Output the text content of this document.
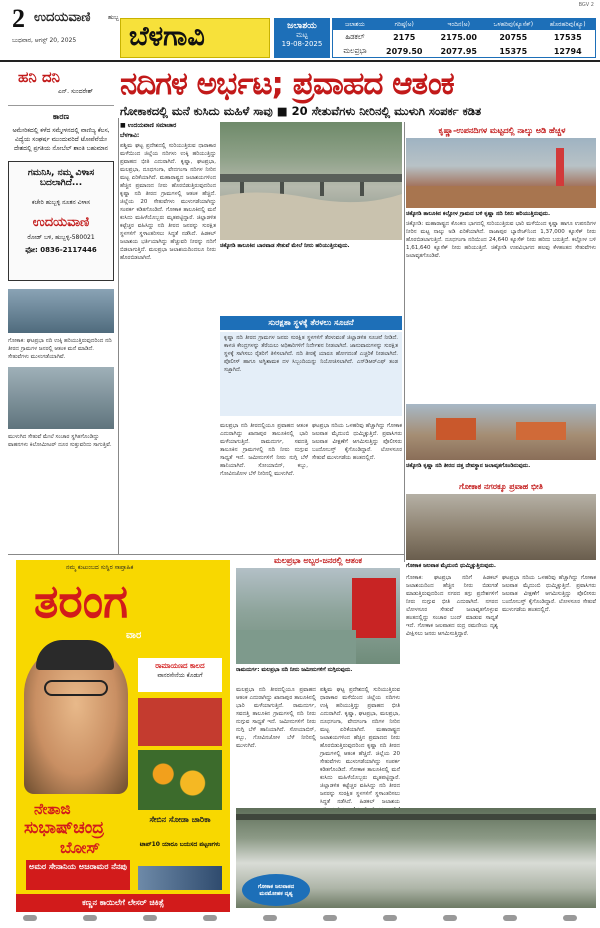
2 ಉದಯವಾಣಿ	ಹುಬ್ಬ
ಬುಧವಾರ, ಆಗಸ್ಟ್ 20, 2025 ಬೆಳಗಾವಿ	ಜಲಾಶಯ
ಮಟ್ಟ
19-08-2025
ಜಲಾಶಯ	ಗರಿಷ್ಠ(ಅ)	ಇಂದಿನ(ಅ)	ಒಳಹರಿವು(ಕ್ಯೂಸೆಕ್)	ಹೊರಹರಿವು(ಕ್ಯೂ)
ಹಿಡಕಲ್	2175	2175.00	20755	17535
ಮಲಪ್ರಭಾ	2079.50	2077.95	15375	12794
BGV 2
ಹನಿ ದನಿ
ಎನ್. ಸುಂದರೇಶ್
ಕಾರಣ
ಅಮೇರಿಕದಲ್ಲಿ ಕಳೆದ ಸಮ್ಮೇಳನದಲ್ಲಿ ವಾಣಿಜ್ಯ ಕೆಲಸ, ವಿದ್ಯೆಯ ಸಂಘರ್ಷ ಮುಂದುವರಿದೆ ಟೋಪೆವೆಯೇ ದೇಶದಲ್ಲಿ ಪ್ರಗತಿಯ ನೋಬೆಲ್ ಶಾಂತಿ ಬಹುಮಾನ
ಗಮನಿಸಿ, ನಮ್ಮ ವಿಳಾಸ ಬದಲಾಗಿದೆ...
ಕಚೇರಿ ಹುಬ್ಬಳ್ಳಿ ನೂತನ ವಿಳಾಸ
ಉದಯವಾಣಿ
ರೋಡ್ ಬಳಿ, ಹುಬ್ಬಳ್ಳಿ-580021
ಫೋ: 0836-2117446
ಗೋಕಾಕ: ಘಟಪ್ರಭಾ ನದಿ ಉಕ್ಕಿ ಹರಿಯುತ್ತಿರುವುದರಿಂದ ನದಿ ತೀರದ ಗ್ರಾಮಗಳ ಜನರಲ್ಲಿ ಆತಂಕ ಮನೆ ಮಾಡಿದೆ. ಸೇತುವೆಗಳು ಮುಳುಗಡೆಯಾಗಿವೆ.
ಮುಳುಗಿದ ಸೇತುವೆ ಮೇಲೆ ಸಂಚಾರ ಸ್ಥಗಿತಗೊಂಡಿದ್ದು ವಾಹನಗಳು ಕಿಲೋಮೀಟರ್ ದೂರ ಸುತ್ತುವರಿದು ಸಾಗುತ್ತಿವೆ.
ನದಿಗಳ ಅರ್ಭಟ; ಪ್ರವಾಹದ ಆತಂಕ
ಗೋಕಾಕದಲ್ಲಿ ಮನೆ ಕುಸಿದು ಮಹಿಳೆ ಸಾವು ■ 20 ಸೇತುವೆಗಳು ನೀರಿನಲ್ಲಿ ಮುಳುಗಿ ಸಂಪರ್ಕ ಕಡಿತ
■ ಉದಯವಾಣಿ ಸಮಾಚಾರ
ಬೆಳಗಾವಿ:
ಪಶ್ಚಿಮ ಘಟ್ಟ ಪ್ರದೇಶದಲ್ಲಿ ಸುರಿಯುತ್ತಿರುವ ಧಾರಾಕಾರ ಮಳೆಯಿಂದ ಜಿಲ್ಲೆಯ ನದಿಗಳು ಉಕ್ಕಿ ಹರಿಯುತ್ತಿದ್ದು ಪ್ರವಾಹದ ಭೀತಿ ಎದುರಾಗಿದೆ. ಕೃಷ್ಣಾ, ಘಟಪ್ರಭಾ, ಮಲಪ್ರಭಾ, ದೂಧಗಂಗಾ, ವೇದಗಂಗಾ ನದಿಗಳ ನೀರಿನ ಮಟ್ಟ ಏರಿಕೆಯಾಗಿದೆ. ಮಹಾರಾಷ್ಟ್ರದ ಜಲಾಶಯಗಳಿಂದ ಹೆಚ್ಚಿನ ಪ್ರಮಾಣದ ನೀರು ಹೊರಬಿಡುತ್ತಿರುವುದರಿಂದ ಕೃಷ್ಣಾ ನದಿ ತೀರದ ಗ್ರಾಮಗಳಲ್ಲಿ ಆತಂಕ ಹೆಚ್ಚಿದೆ. ಜಿಲ್ಲೆಯ 20 ಸೇತುವೆಗಳು ಮುಳುಗಡೆಯಾಗಿದ್ದು ಸಂಪರ್ಕ ಕಡಿತಗೊಂಡಿದೆ. ಗೋಕಾಕ ತಾಲೂಕಿನಲ್ಲಿ ಮನೆ ಕುಸಿದು ಮಹಿಳೆಯೊಬ್ಬರು ಮೃತಪಟ್ಟಿದ್ದಾರೆ. ಜಿಲ್ಲಾಡಳಿತ ಕಟ್ಟೆಚ್ಚರ ವಹಿಸಿದ್ದು ನದಿ ತೀರದ ಜನರನ್ನು ಸುರಕ್ಷಿತ ಸ್ಥಳಗಳಿಗೆ ಸ್ಥಳಾಂತರಿಸಲು ಸಿದ್ಧತೆ ನಡೆಸಿದೆ. ಹಿಡಕಲ್ ಜಲಾಶಯ ಭರ್ತಿಯಾಗಿದ್ದು ಹೆಚ್ಚುವರಿ ನೀರನ್ನು ನದಿಗೆ ಬಿಡಲಾಗುತ್ತಿದೆ. ಮಲಪ್ರಭಾ ಜಲಾಶಯದಿಂದಲೂ ನೀರು ಹೊರಬಿಡಲಾಗಿದೆ.
ಚಿಕ್ಕೋಡಿ ತಾಲೂಕಿನ ಬಾರವಾಡ ಸೇತುವೆ ಮೇಲೆ ನೀರು ಹರಿಯುತ್ತಿರುವುದು.
ಸುರಕ್ಷತಾ ಸ್ಥಳಕ್ಕೆ ತೆರಳಲು ಸೂಚನೆ
ಕೃಷ್ಣಾ ನದಿ ತೀರದ ಗ್ರಾಮಗಳ ಜನರು ಸುರಕ್ಷಿತ ಸ್ಥಳಗಳಿಗೆ ತೆರಳುವಂತೆ ಜಿಲ್ಲಾಡಳಿತ ಸೂಚನೆ ನೀಡಿದೆ. ಕಾಳಜಿ ಕೇಂದ್ರಗಳನ್ನು ತೆರೆಯಲು ಅಧಿಕಾರಿಗಳಿಗೆ ನಿರ್ದೇಶನ ನೀಡಲಾಗಿದೆ. ಜಾನುವಾರುಗಳನ್ನು ಸುರಕ್ಷಿತ ಸ್ಥಳಕ್ಕೆ ಸಾಗಿಸಲು ರೈತರಿಗೆ ತಿಳಿಸಲಾಗಿದೆ. ನದಿ ತೀರಕ್ಕೆ ಯಾರೂ ಹೋಗದಂತೆ ಎಚ್ಚರಿಕೆ ನೀಡಲಾಗಿದೆ. ಪೊಲೀಸ್ ಹಾಗೂ ಅಗ್ನಿಶಾಮಕ ದಳ ಸಿಬ್ಬಂದಿಯನ್ನು ನಿಯೋಜಿಸಲಾಗಿದೆ. ಎನ್‌ಡಿಆರ್‌ಎಫ್ ತಂಡ ಸಜ್ಜಾಗಿದೆ.
ಮಲಪ್ರಭಾ ನದಿ ತೀರದಲ್ಲಿಯೂ ಪ್ರವಾಹದ ಆತಂಕ ಎದುರಾಗಿದ್ದು ಖಾನಾಪುರ ತಾಲೂಕಿನಲ್ಲಿ ಭಾರಿ ಮಳೆಯಾಗುತ್ತಿದೆ. ರಾಮದುರ್ಗ, ಸವದತ್ತಿ ತಾಲೂಕಿನ ಗ್ರಾಮಗಳಲ್ಲಿ ನದಿ ನೀರು ನುಗ್ಗುವ ಸಾಧ್ಯತೆ ಇದೆ. ಜಮೀನುಗಳಿಗೆ ನೀರು ನುಗ್ಗಿ ಬೆಳೆ ಹಾನಿಯಾಗಿದೆ. ಸೋಯಾಬಿನ್, ಕಬ್ಬು, ಗೋವಿನಜೋಳ ಬೆಳೆ ನೀರಿನಲ್ಲಿ ಮುಳುಗಿದೆ.
ಘಟಪ್ರಭಾ ನದಿಯ ಒಳಹರಿವು ಹೆಚ್ಚಾಗಿದ್ದು ಗೋಕಾಕ ಜಲಪಾತ ಮೈದುಂಬಿ ಧುಮ್ಮಿಕ್ಕುತ್ತಿದೆ. ಪ್ರವಾಸಿಗರು ಜಲಪಾತ ವೀಕ್ಷಣೆಗೆ ಆಗಮಿಸುತ್ತಿದ್ದು ಪೊಲೀಸರು ಬಂದೋಬಸ್ತ್ ಕೈಗೊಂಡಿದ್ದಾರೆ. ಲೋಳಸೂರ ಸೇತುವೆ ಮುಳುಗಡೆಯ ಹಂತದಲ್ಲಿದೆ.
ಕೃಷ್ಣಾ-ಉಪನದಿಗಳ ಮಟ್ಟದಲ್ಲಿ ನಾಲ್ಕು ಅಡಿ ಹೆಚ್ಚಳ
ಚಿಕ್ಕೋಡಿ ತಾಲೂಕಿನ ಕಲ್ಲೋಳ ಗ್ರಾಮದ ಬಳಿ ಕೃಷ್ಣಾ ನದಿ ನೀರು ಹರಿಯುತ್ತಿರುವುದು.
ಚಿಕ್ಕೋಡಿ: ಮಹಾರಾಷ್ಟ್ರದ ಕೊಂಕಣ ಭಾಗದಲ್ಲಿ ಸುರಿಯುತ್ತಿರುವ ಭಾರಿ ಮಳೆಯಿಂದ ಕೃಷ್ಣಾ ಹಾಗೂ ಉಪನದಿಗಳ ನೀರಿನ ಮಟ್ಟ ನಾಲ್ಕು ಅಡಿ ಏರಿಕೆಯಾಗಿದೆ. ರಾಜಾಪುರ ಬ್ಯಾರೇಜ್‌ನಿಂದ 1,37,000 ಕ್ಯೂಸೆಕ್ ನೀರು ಹೊರಬಿಡಲಾಗುತ್ತಿದೆ. ದೂಧಗಂಗಾ ನದಿಯಿಂದ 24,640 ಕ್ಯೂಸೆಕ್ ನೀರು ಹರಿದು ಬರುತ್ತಿದೆ. ಕಲ್ಲೋಳ ಬಳಿ 1,61,640 ಕ್ಯೂಸೆಕ್ ನೀರು ಹರಿಯುತ್ತಿದೆ. ಚಿಕ್ಕೋಡಿ ಉಪವಿಭಾಗದ ಹಲವು ಕೆಳಹಂತದ ಸೇತುವೆಗಳು ಜಲಾವೃತಗೊಂಡಿವೆ.
ಚಿಕ್ಕೋಡಿ ಕೃಷ್ಣಾ ನದಿ ತೀರದ ದತ್ತ ದೇವಸ್ಥಾನ ಜಲಾವೃತಗೊಂಡಿರುವುದು.
ಗೋಕಾಕ ನಗರಕ್ಕೂ ಪ್ರವಾಹ ಭೀತಿ
ಗೋಕಾಕ ಜಲಪಾತ ಮೈದುಂಬಿ ಧುಮ್ಮಿಕ್ಕುತ್ತಿರುವುದು.
ಗೋಕಾಕ: ಘಟಪ್ರಭಾ ನದಿಗೆ ಹಿಡಕಲ್ ಜಲಾಶಯದಿಂದ ಹೆಚ್ಚಿನ ನೀರು ಬಿಡುಗಡೆ ಮಾಡುತ್ತಿರುವುದರಿಂದ ನಗರದ ತಗ್ಗು ಪ್ರದೇಶಗಳಿಗೆ ನೀರು ನುಗ್ಗುವ ಭೀತಿ ಎದುರಾಗಿದೆ. ನಗರದ ಲೋಳಸೂರ ಸೇತುವೆ ಜಲಾವೃತಗೊಳ್ಳುವ ಹಂತದಲ್ಲಿದ್ದು ಸಂಚಾರ ಬಂದ್ ಮಾಡುವ ಸಾಧ್ಯತೆ ಇದೆ. ಗೋಕಾಕ ಜಲಪಾತದ ರುದ್ರ ರಮಣೀಯ ದೃಶ್ಯ ವೀಕ್ಷಿಸಲು ಜನರು ಆಗಮಿಸುತ್ತಿದ್ದಾರೆ.
ಘಟಪ್ರಭಾ ನದಿಯ ಒಳಹರಿವು ಹೆಚ್ಚಾಗಿದ್ದು ಗೋಕಾಕ ಜಲಪಾತ ಮೈದುಂಬಿ ಧುಮ್ಮಿಕ್ಕುತ್ತಿದೆ. ಪ್ರವಾಸಿಗರು ಜಲಪಾತ ವೀಕ್ಷಣೆಗೆ ಆಗಮಿಸುತ್ತಿದ್ದು ಪೊಲೀಸರು ಬಂದೋಬಸ್ತ್ ಕೈಗೊಂಡಿದ್ದಾರೆ. ಲೋಳಸೂರ ಸೇತುವೆ ಮುಳುಗಡೆಯ ಹಂತದಲ್ಲಿದೆ.
ಮಲಪ್ರಭಾ ಅಬ್ಬರ-ಜನರಲ್ಲಿ ಆತಂಕ
ರಾಮದುರ್ಗ: ಮಲಪ್ರಭಾ ನದಿ ನೀರು ಜಮೀನುಗಳಿಗೆ ನುಗ್ಗಿರುವುದು.
ಮಲಪ್ರಭಾ ನದಿ ತೀರದಲ್ಲಿಯೂ ಪ್ರವಾಹದ ಆತಂಕ ಎದುರಾಗಿದ್ದು ಖಾನಾಪುರ ತಾಲೂಕಿನಲ್ಲಿ ಭಾರಿ ಮಳೆಯಾಗುತ್ತಿದೆ. ರಾಮದುರ್ಗ, ಸವದತ್ತಿ ತಾಲೂಕಿನ ಗ್ರಾಮಗಳಲ್ಲಿ ನದಿ ನೀರು ನುಗ್ಗುವ ಸಾಧ್ಯತೆ ಇದೆ. ಜಮೀನುಗಳಿಗೆ ನೀರು ನುಗ್ಗಿ ಬೆಳೆ ಹಾನಿಯಾಗಿದೆ. ಸೋಯಾಬಿನ್, ಕಬ್ಬು, ಗೋವಿನಜೋಳ ಬೆಳೆ ನೀರಿನಲ್ಲಿ ಮುಳುಗಿದೆ.
ಪಶ್ಚಿಮ ಘಟ್ಟ ಪ್ರದೇಶದಲ್ಲಿ ಸುರಿಯುತ್ತಿರುವ ಧಾರಾಕಾರ ಮಳೆಯಿಂದ ಜಿಲ್ಲೆಯ ನದಿಗಳು ಉಕ್ಕಿ ಹರಿಯುತ್ತಿದ್ದು ಪ್ರವಾಹದ ಭೀತಿ ಎದುರಾಗಿದೆ. ಕೃಷ್ಣಾ, ಘಟಪ್ರಭಾ, ಮಲಪ್ರಭಾ, ದೂಧಗಂಗಾ, ವೇದಗಂಗಾ ನದಿಗಳ ನೀರಿನ ಮಟ್ಟ ಏರಿಕೆಯಾಗಿದೆ. ಮಹಾರಾಷ್ಟ್ರದ ಜಲಾಶಯಗಳಿಂದ ಹೆಚ್ಚಿನ ಪ್ರಮಾಣದ ನೀರು ಹೊರಬಿಡುತ್ತಿರುವುದರಿಂದ ಕೃಷ್ಣಾ ನದಿ ತೀರದ ಗ್ರಾಮಗಳಲ್ಲಿ ಆತಂಕ ಹೆಚ್ಚಿದೆ. ಜಿಲ್ಲೆಯ 20 ಸೇತುವೆಗಳು ಮುಳುಗಡೆಯಾಗಿದ್ದು ಸಂಪರ್ಕ ಕಡಿತಗೊಂಡಿದೆ. ಗೋಕಾಕ ತಾಲೂಕಿನಲ್ಲಿ ಮನೆ ಕುಸಿದು ಮಹಿಳೆಯೊಬ್ಬರು ಮೃತಪಟ್ಟಿದ್ದಾರೆ. ಜಿಲ್ಲಾಡಳಿತ ಕಟ್ಟೆಚ್ಚರ ವಹಿಸಿದ್ದು ನದಿ ತೀರದ ಜನರನ್ನು ಸುರಕ್ಷಿತ ಸ್ಥಳಗಳಿಗೆ ಸ್ಥಳಾಂತರಿಸಲು ಸಿದ್ಧತೆ ನಡೆಸಿದೆ. ಹಿಡಕಲ್ ಜಲಾಶಯ
ಗೋಕಾಕ ಜಲಪಾತದ ಮನಮೋಹಕ ದೃಶ್ಯ
ನಮ್ಮ ಕುಟುಂಬದ ಸುಸ್ಥಿರ ಸಾಪ್ತಾಹಿಕ
ತರಂಗ
ವಾರ
ರಾಮಾಯಣದ ಕಾಲದ
ವಾನರಸೇನೆಯ ಕೊಡುಗೆ
ಸೇಬಿನ ಸೋಡಾ ಚಾರಿಕಾ
ನೇತಾಜಿ
ಸುಭಾಷ್‌ಚಂದ್ರ
ಬೋಸ್
ಅಮರ ಸೇನಾನಿಯ ಅಜರಾಮರ ನೆನಪು
ಟಾಪ್‌10 ಯಾರೂ ಬಯಸದ ಪಟ್ಟಣಗಳು
ಕಣ್ಣನ ಕಾಯಿಲೆಗೆ ಲೇಸರ್ ಚಿಕಿತ್ಸೆ
